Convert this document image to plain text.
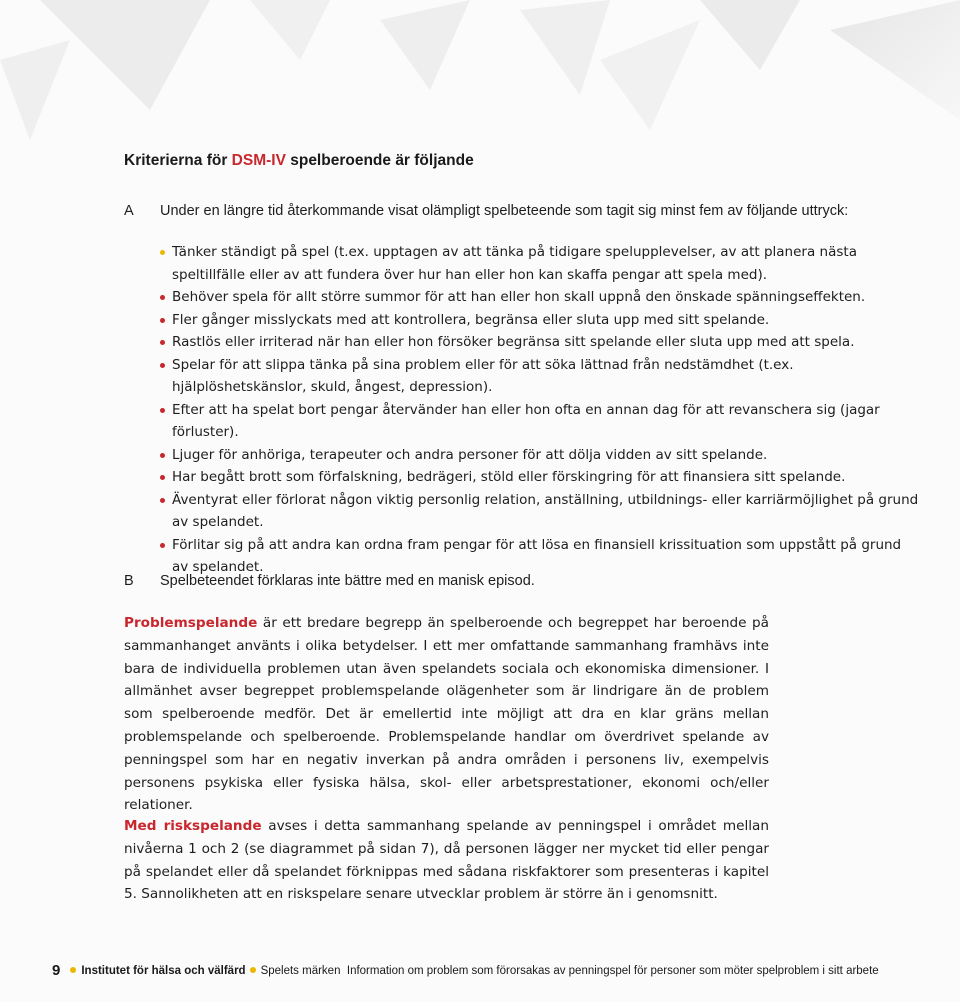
Kriterierna för DSM-IV spelberoende är följande
A	Under en längre tid återkommande visat olämpligt spelbeteende som tagit sig minst fem av följande uttryck:
Tänker ständigt på spel (t.ex. upptagen av att tänka på tidigare spelupplevelser, av att planera nästa speltillfälle eller av att fundera över hur han eller hon kan skaffa pengar att spela med).
Behöver spela för allt större summor för att han eller hon skall uppnå den önskade spänningseffekten.
Fler gånger misslyckats med att kontrollera, begränsa eller sluta upp med sitt spelande.
Rastlös eller irriterad när han eller hon försöker begränsa sitt spelande eller sluta upp med att spela.
Spelar för att slippa tänka på sina problem eller för att söka lättnad från nedstämdhet (t.ex. hjälplöshetskänslor, skuld, ångest, depression).
Efter att ha spelat bort pengar återvänder han eller hon ofta en annan dag för att revanschera sig (jagar förluster).
Ljuger för anhöriga, terapeuter och andra personer för att dölja vidden av sitt spelande.
Har begått brott som förfalskning, bedrägeri, stöld eller förskingring för att finansiera sitt spelande.
Äventyrat eller förlorat någon viktig personlig relation, anställning, utbildnings- eller karriärmöjlighet på grund av spelandet.
Förlitar sig på att andra kan ordna fram pengar för att lösa en finansiell krissituation som uppstått på grund av spelandet.
B	Spelbeteendet förklaras inte bättre med en manisk episod.

Problemspelande är ett bredare begrepp än spelberoende och begreppet har beroende på sammanhanget använts i olika betydelser. I ett mer omfattande sammanhang framhävs inte bara de individuella problemen utan även spelandets sociala och ekonomiska dimensioner. I allmänhet avser begreppet problemspelande olägenheter som är lindrigare än de problem som spelberoende medför. Det är emellertid inte möjligt att dra en klar gräns mellan problemspelande och spelberoende. Problemspelande handlar om överdrivet spelande av penningspel som har en negativ inverkan på andra områden i personens liv, exempelvis personens psykiska eller fysiska hälsa, skol- eller arbetsprestationer, ekonomi och/eller relationer.

Med riskspelande avses i detta sammanhang spelande av penningspel i området mellan nivåerna 1 och 2 (se diagrammet på sidan 7), då personen lägger ner mycket tid eller pengar på spelandet eller då spelandet förknippas med sådana riskfaktorer som presenteras i kapitel 5. Sannolikheten att en riskspelare senare utvecklar problem är större än i genomsnitt.

9 Institutet för hälsa och välfärd Spelets märken Information om problem som förorsakas av penningspel för personer som möter spelproblem i sitt arbete
